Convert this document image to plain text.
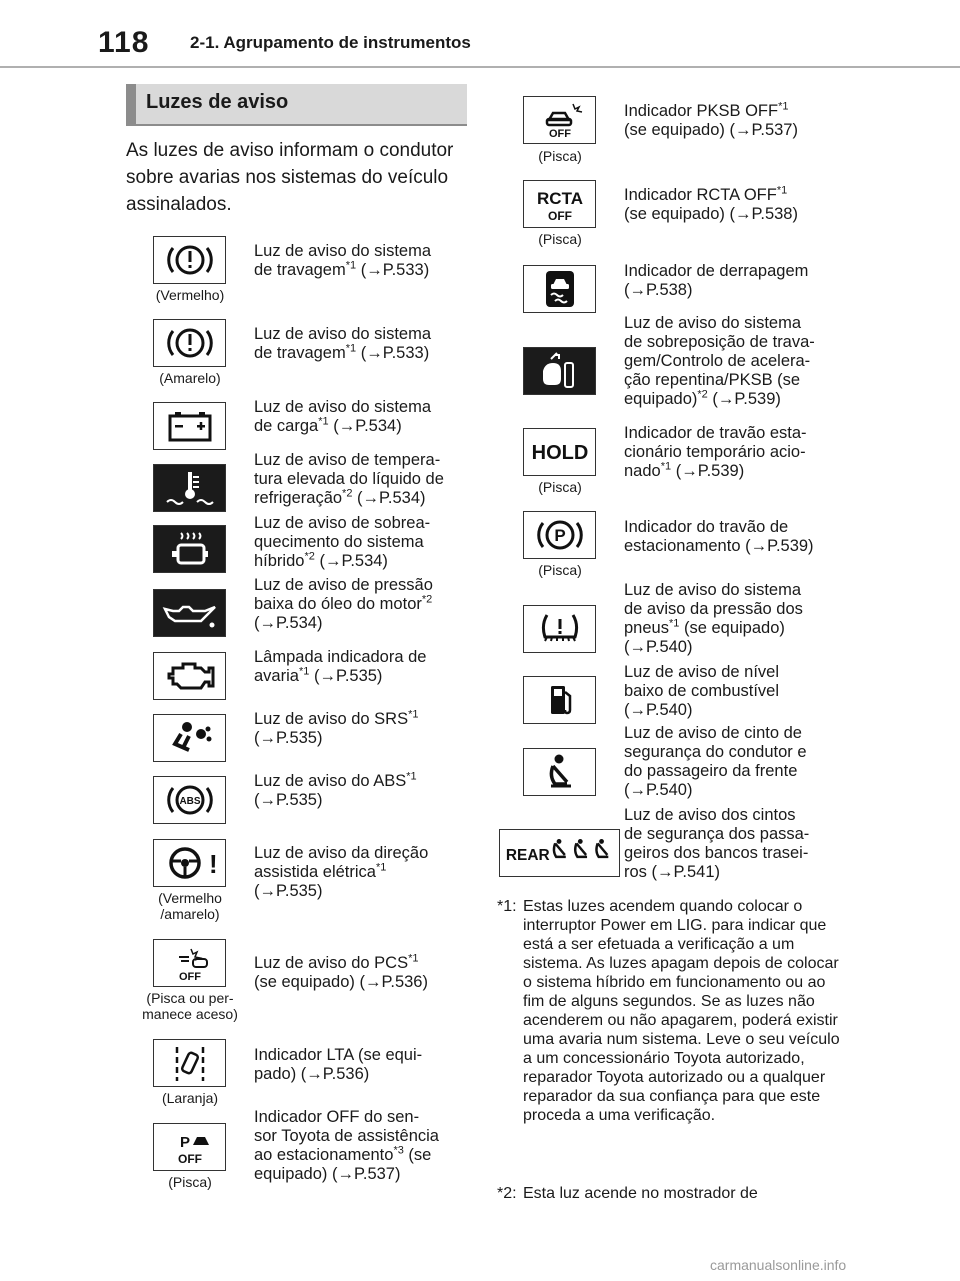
118 2-1. Agrupamento de instrumentos
Luzes de aviso
As luzes de aviso informam o condutor sobre avarias nos sistemas do veículo assinalados.
(Vermelho)
Luz de aviso do sistema
de travagem$^{*1}$ (→P.533)
(Amarelo)
Luz de aviso do sistema
de travagem$^{*1}$ (→P.533)
Luz de aviso do sistema
de carga$^{*1}$ (→P.534)
Luz de aviso de tempera-
tura elevada do líquido de
refrigeração$^{*2}$ (→P.534)
Luz de aviso de sobrea-
quecimento do sistema
híbrido$^{*2}$ (→P.534)
Luz de aviso de pressão
baixa do óleo do motor$^{*2}$
(→P.534)
Lâmpada indicadora de
avaria$^{*1}$ (→P.535)
Luz de aviso do SRS$^{*1}$
(→P.535)
ABS
Luz de aviso do ABS$^{*1}$
(→P.535)
!
(Vermelho
/amarelo)
Luz de aviso da direção
assistida elétrica$^{*1}$
(→P.535)
OFF
(Pisca ou per-
manece aceso)
Luz de aviso do PCS$^{*1}$
(se equipado) (→P.536)
(Laranja)
Indicador LTA (se equi-
pado) (→P.536)
P
OFF
(Pisca)
Indicador OFF do sen-
sor Toyota de assistência
ao estacionamento$^{*3}$ (se
equipado) (→P.537)
OFF
(Pisca)
Indicador PKSB OFF$^{*1}$
(se equipado) (→P.537)
RCTA
OFF
(Pisca)
Indicador RCTA OFF$^{*1}$
(se equipado) (→P.538)
Indicador de derrapagem
(→P.538)
Luz de aviso do sistema
de sobreposição de trava-
gem/Controlo de acelera-
ção repentina/PKSB (se
equipado)$^{*2}$ (→P.539)
HOLD
(Pisca)
Indicador de travão esta-
cionário temporário acio-
nado$^{*1}$ (→P.539)
P
(Pisca)
Indicador do travão de
estacionamento (→P.539)
Luz de aviso do sistema
de aviso da pressão dos
pneus$^{*1}$ (se equipado)
(→P.540)
Luz de aviso de nível
baixo de combustível
(→P.540)
Luz de aviso de cinto de
segurança do condutor e
do passageiro da frente
(→P.540)
REAR
Luz de aviso dos cintos
de segurança dos passa-
geiros dos bancos trasei-
ros (→P.541)
*1: Estas luzes acendem quando colocar o interruptor Power em LIG. para indicar que está a ser efetuada a verificação a um sistema. As luzes apagam depois de colocar o sistema híbrido em funcionamento ou ao fim de alguns segundos. Se as luzes não acenderem ou não apagarem, poderá existir uma avaria num sistema. Leve o seu veículo a um concessionário Toyota autorizado, reparador Toyota autorizado ou a qualquer reparador da sua confiança para que este proceda a uma verificação.
*2: Esta luz acende no mostrador de
carmanualsonline.info
